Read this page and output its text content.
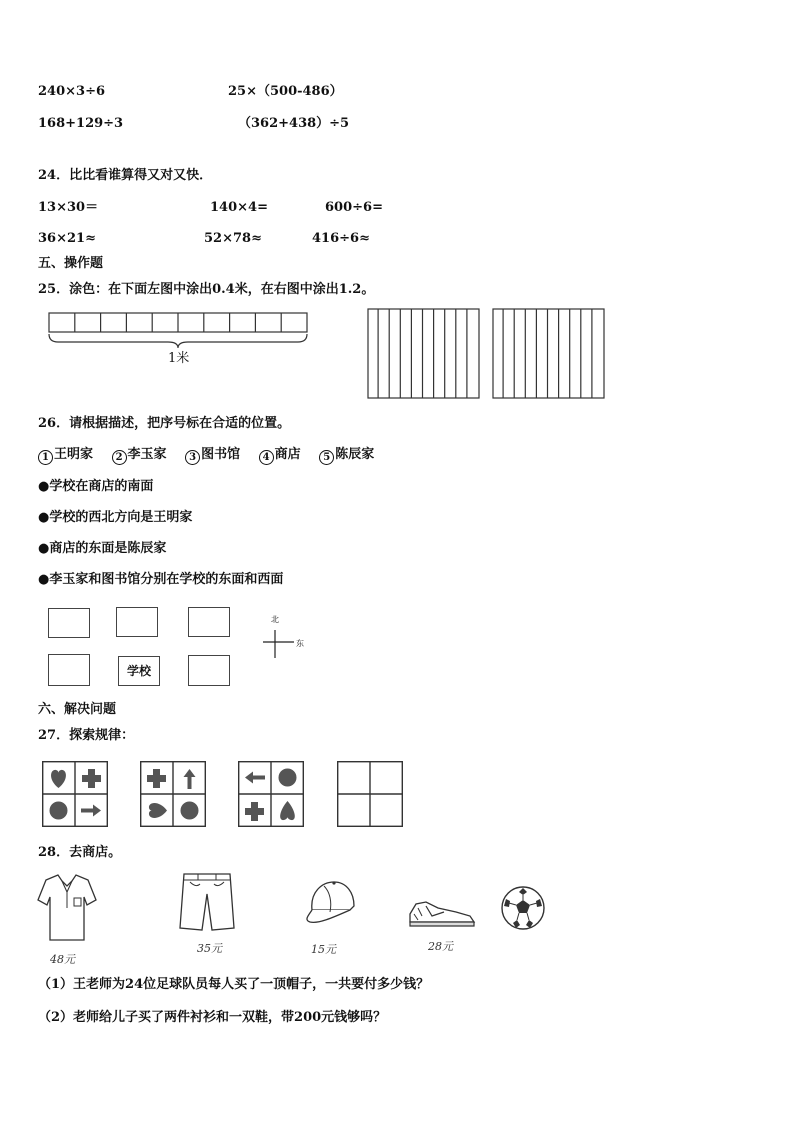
240×3÷6	25×（500-486）
168+129÷3	（362+438）÷5
24．比比看谁算得又对又快．
13×30＝	140×4=	600÷6=
36×21≈	52×78≈	416÷6≈
五、操作题
25．涂色：在下面左图中涂出0.4米，在右图中涂出1.2。
1米
26．请根据描述，把序号标在合适的位置。
1 王明家 2 李玉家 3 图书馆 4 商店 5 陈辰家
●学校在商店的南面
●学校的西北方向是王明家
●商店的东面是陈辰家
●李玉家和图书馆分别在学校的东面和西面
学校
北
东
六、解决问题
27．探索规律：
28．去商店。
48元
35元	15元	28元
（1）王老师为24位足球队员每人买了一顶帽子，一共要付多少钱？
（2）老师给儿子买了两件衬衫和一双鞋，带200元钱够吗？
